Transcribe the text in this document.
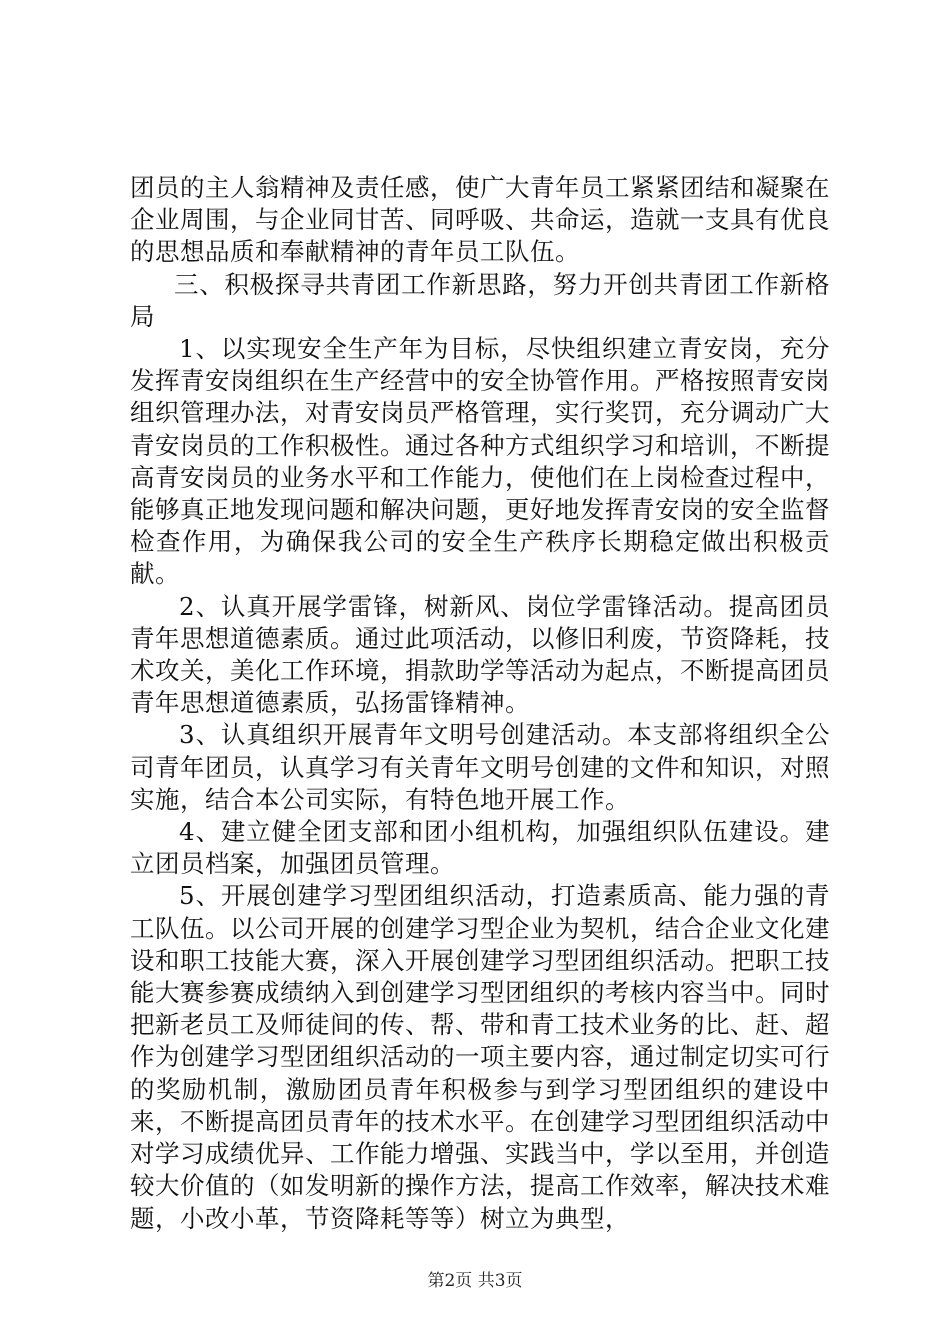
团员的主人翁精神及责任感，使广大青年员工紧紧团结和凝聚在企业周围，与企业同甘苦、同呼吸、共命运，造就一支具有优良的思想品质和奉献精神的青年员工队伍。

三、积极探寻共青团工作新思路，努力开创共青团工作新格局

1、以实现安全生产年为目标，尽快组织建立青安岗，充分发挥青安岗组织在生产经营中的安全协管作用。严格按照青安岗组织管理办法，对青安岗员严格管理，实行奖罚，充分调动广大青安岗员的工作积极性。通过各种方式组织学习和培训，不断提高青安岗员的业务水平和工作能力，使他们在上岗检查过程中，能够真正地发现问题和解决问题，更好地发挥青安岗的安全监督检查作用，为确保我公司的安全生产秩序长期稳定做出积极贡献。

2、认真开展学雷锋，树新风、岗位学雷锋活动。提高团员青年思想道德素质。通过此项活动，以修旧利废，节资降耗，技术攻关，美化工作环境，捐款助学等活动为起点，不断提高团员青年思想道德素质，弘扬雷锋精神。

3、认真组织开展青年文明号创建活动。本支部将组织全公司青年团员，认真学习有关青年文明号创建的文件和知识，对照实施，结合本公司实际，有特色地开展工作。

4、建立健全团支部和团小组机构，加强组织队伍建设。建立团员档案，加强团员管理。

5、开展创建学习型团组织活动，打造素质高、能力强的青工队伍。以公司开展的创建学习型企业为契机，结合企业文化建设和职工技能大赛，深入开展创建学习型团组织活动。把职工技能大赛参赛成绩纳入到创建学习型团组织的考核内容当中。同时把新老员工及师徒间的传、帮、带和青工技术业务的比、赶、超作为创建学习型团组织活动的一项主要内容，通过制定切实可行的奖励机制，激励团员青年积极参与到学习型团组织的建设中来，不断提高团员青年的技术水平。在创建学习型团组织活动中对学习成绩优异、工作能力增强、实践当中，学以至用，并创造较大价值的（如发明新的操作方法，提高工作效率，解决技术难题，小改小革，节资降耗等等）树立为典型，

第2页 共3页
